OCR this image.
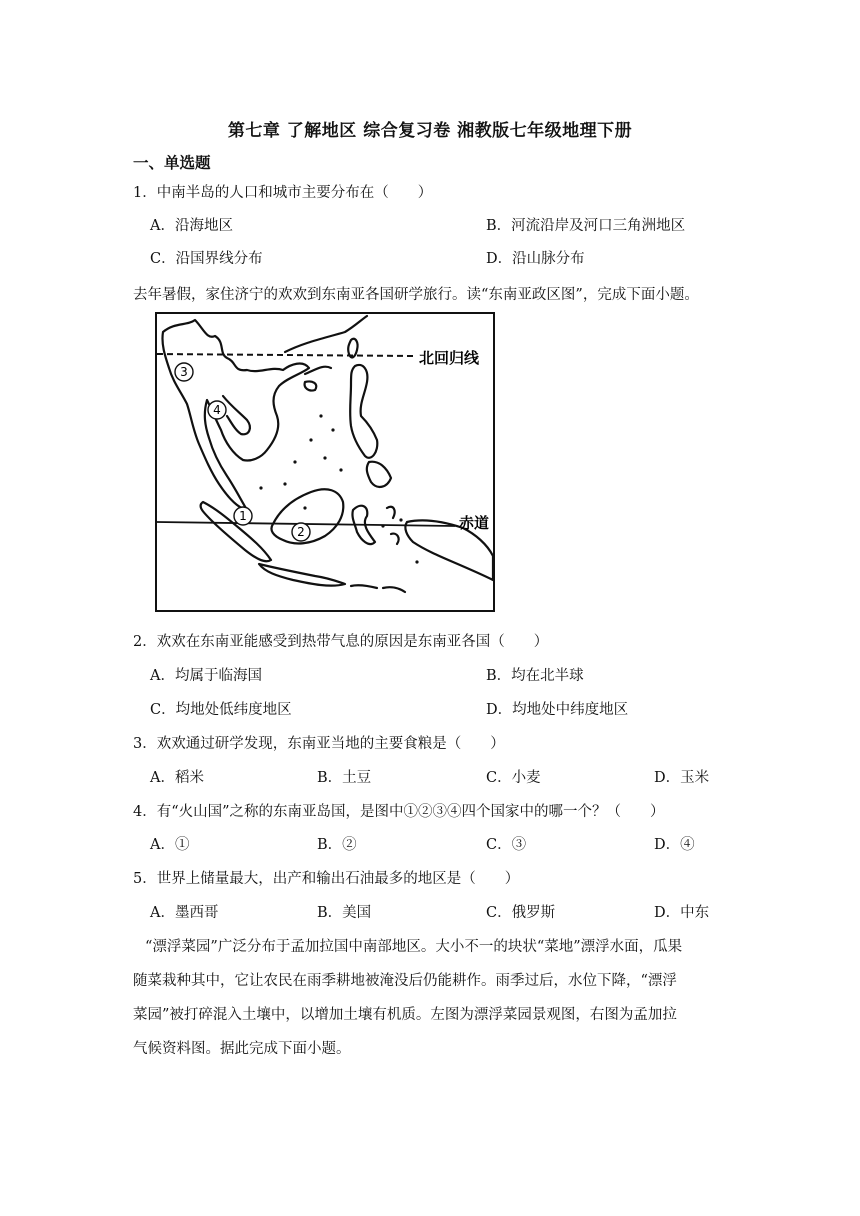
第七章 了解地区 综合复习卷 湘教版七年级地理下册
一、单选题
1．中南半岛的人口和城市主要分布在（　　）
A．沿海地区	B．河流沿岸及河口三角洲地区
C．沿国界线分布	D．沿山脉分布
去年暑假，家住济宁的欢欢到东南亚各国研学旅行。读“东南亚政区图”，完成下面小题。
北回归线
赤道
3
4
1
2
2．欢欢在东南亚能感受到热带气息的原因是东南亚各国（　　）
A．均属于临海国	B．均在北半球
C．均地处低纬度地区	D．均地处中纬度地区
3．欢欢通过研学发现，东南亚当地的主要食粮是（　　）
A．稻米	B．土豆	C．小麦	D．玉米
4．有“火山国”之称的东南亚岛国，是图中①②③④四个国家中的哪一个？（　　）
A．①	B．②	C．③	D．④
5．世界上储量最大，出产和输出石油最多的地区是（　　）
A．墨西哥	B．美国	C．俄罗斯	D．中东
“漂浮菜园”广泛分布于孟加拉国中南部地区。大小不一的块状“菜地”漂浮水面，瓜果
随菜栽种其中，它让农民在雨季耕地被淹没后仍能耕作。雨季过后，水位下降，“漂浮
菜园”被打碎混入土壤中，以增加土壤有机质。左图为漂浮菜园景观图，右图为孟加拉
气候资料图。据此完成下面小题。
